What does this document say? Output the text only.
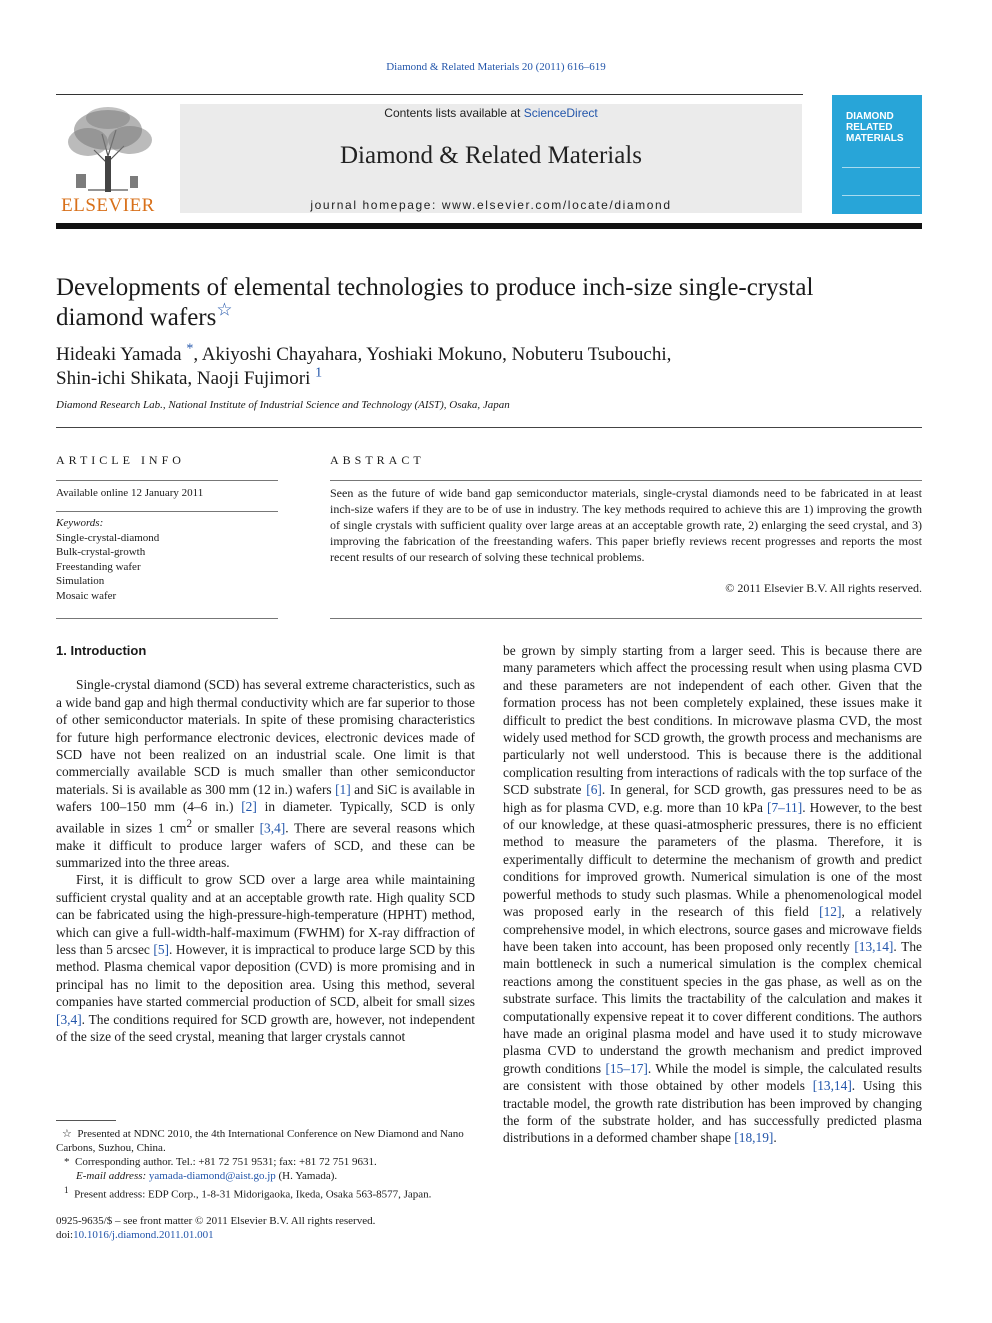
Diamond & Related Materials 20 (2011) 616–619
ELSEVIER
Contents lists available at ScienceDirect
Diamond & Related Materials
journal homepage: www.elsevier.com/locate/diamond
DIAMOND
RELATED
MATERIALS
Developments of elemental technologies to produce inch-size single-crystal
diamond wafers☆
Hideaki Yamada *, Akiyoshi Chayahara, Yoshiaki Mokuno, Nobuteru Tsubouchi,
Shin-ichi Shikata, Naoji Fujimori $^1$
Diamond Research Lab., National Institute of Industrial Science and Technology (AIST), Osaka, Japan
ARTICLE INFO
Available online 12 January 2011
Keywords:
Single-crystal-diamond
Bulk-crystal-growth
Freestanding wafer
Simulation
Mosaic wafer
ABSTRACT
Seen as the future of wide band gap semiconductor materials, single-crystal diamonds need to be fabricated in at least inch-size wafers if they are to be of use in industry. The key methods required to achieve this are 1) improving the growth of single crystals with sufficient quality over large areas at an acceptable growth rate, 2) enlarging the seed crystal, and 3) improving the fabrication of the freestanding wafers. This paper briefly reviews recent progresses and reports the most recent results of our research of solving these technical problems.
© 2011 Elsevier B.V. All rights reserved.

1. Introduction

Single-crystal diamond (SCD) has several extreme characteristics, such as a wide band gap and high thermal conductivity which are far superior to those of other semiconductor materials. In spite of these promising characteristics for future high performance electronic devices, electronic devices made of SCD have not been realized on an industrial scale. One limit is that commercially available SCD is much smaller than other semiconductor materials. Si is available as 300 mm (12 in.) wafers [1] and SiC is available in wafers 100–150 mm (4–6 in.) [2] in diameter. Typically, SCD is only available in sizes 1 $cm^2$ or smaller [3,4]. There are several reasons which make it difficult to produce larger wafers of SCD, and these can be summarized into the three areas.

First, it is difficult to grow SCD over a large area while maintaining sufficient crystal quality and at an acceptable growth rate. High quality SCD can be fabricated using the high-pressure-high-temperature (HPHT) method, which can give a full-width-half-maximum (FWHM) for X-ray diffraction of less than 5 arcsec [5]. However, it is impractical to produce large SCD by this method. Plasma chemical vapor deposition (CVD) is more promising and in principal has no limit to the deposition area. Using this method, several companies have started commercial production of SCD, albeit for small sizes [3,4]. The conditions required for SCD growth are, however, not independent of the size of the seed crystal, meaning that larger crystals cannot

be grown by simply starting from a larger seed. This is because there are many parameters which affect the processing result when using plasma CVD and these parameters are not independent of each other. Given that the formation process has not been completely explained, these issues make it difficult to predict the best conditions. In microwave plasma CVD, the most widely used method for SCD growth, the growth process and mechanisms are particularly not well understood. This is because there is the additional complication resulting from interactions of radicals with the top surface of the SCD substrate [6]. In general, for SCD growth, gas pressures need to be as high as for plasma CVD, e.g. more than 10 kPa [7–11]. However, to the best of our knowledge, at these quasi-atmospheric pressures, there is no efficient method to measure the parameters of the plasma. Therefore, it is experimentally difficult to determine the mechanism of growth and predict conditions for improved growth. Numerical simulation is one of the most powerful methods to study such plasmas. While a phenomenological model was proposed early in the research of this field [12], a relatively comprehensive model, in which electrons, source gases and microwave fields have been taken into account, has been proposed only recently [13,14]. The main bottleneck in such a numerical simulation is the complex chemical reactions among the constituent species in the gas phase, as well as on the substrate surface. This limits the tractability of the calculation and makes it computationally expensive repeat it to cover different conditions. The authors have made an original plasma model and have used it to study microwave plasma CVD to understand the growth mechanism and predict improved growth conditions [15–17]. While the model is simple, the calculated results are consistent with those obtained by other models [13,14]. Using this tractable model, the growth rate distribution has been improved by changing the form of the substrate holder, and has successfully predicted plasma distributions in a deformed chamber shape [18,19].

☆ Presented at NDNC 2010, the 4th International Conference on New Diamond and Nano Carbons, Suzhou, China.

* Corresponding author. Tel.: +81 72 751 9531; fax: +81 72 751 9631.

E-mail address: yamada-diamond@aist.go.jp (H. Yamada).

$^1$ Present address: EDP Corp., 1-8-31 Midorigaoka, Ikeda, Osaka 563-8577, Japan.

0925-9635/$ – see front matter © 2011 Elsevier B.V. All rights reserved.

doi:10.1016/j.diamond.2011.01.001
